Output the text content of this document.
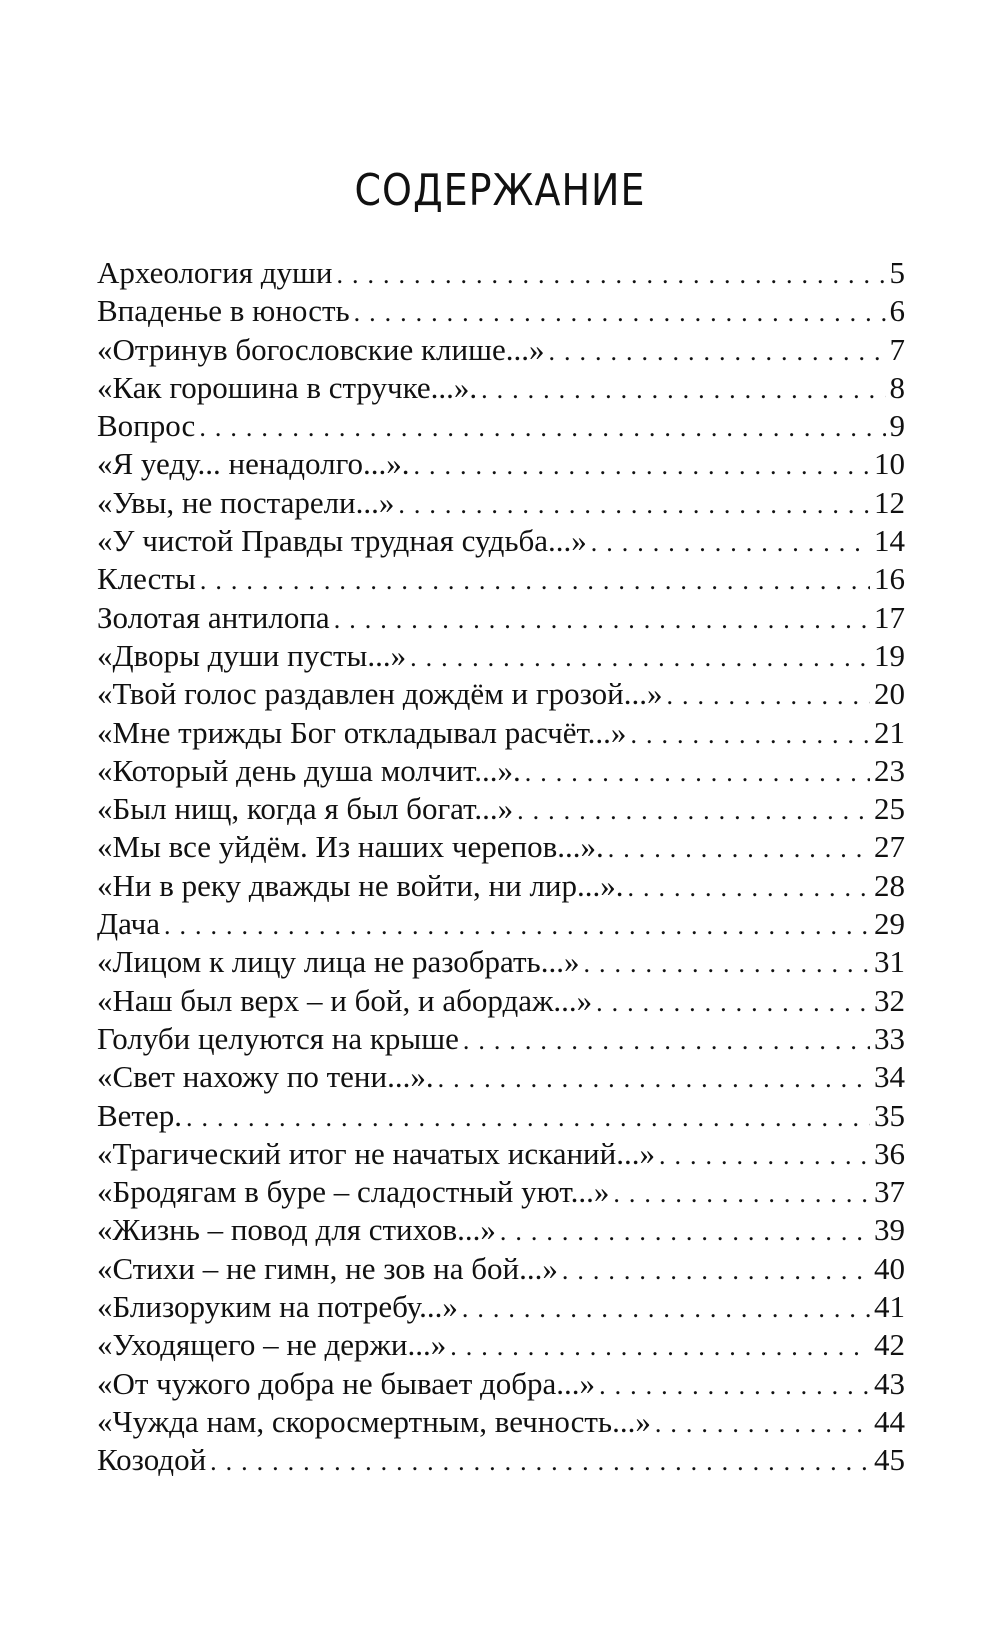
СОДЕРЖАНИЕ
Археология души .....	5
Впаденье в юность .....	6
«Отринув богословские клише...» .....	7
«Как горошина в стручке...». .....	8
Вопрос .....	9
«Я уеду... ненадолго...». .....	10
«Увы, не постарели...» .....	12
«У чистой Правды трудная судьба...» .....	14
Клесты .....	16
Золотая антилопа .....	17
«Дворы души пусты...» .....	19
«Твой голос раздавлен дождём и грозой...» .....	20
«Мне трижды Бог откладывал расчёт...» .....	21
«Который день душа молчит...». .....	23
«Был нищ, когда я был богат...» .....	25
«Мы все уйдём. Из наших черепов...». .....	27
«Ни в реку дважды не войти, ни лир...». .....	28
Дача .....	29
«Лицом к лицу лица не разобрать...» .....	31
«Наш был верх – и бой, и абордаж...» .....	32
Голуби целуются на крыше .....	33
«Свет нахожу по тени...». .....	34
Ветер. .....	35
«Трагический итог не начатых исканий...» .....	36
«Бродягам в буре – сладостный уют...» .....	37
«Жизнь – повод для стихов...» .....	39
«Стихи – не гимн, не зов на бой...» .....	40
«Близоруким на потребу...» .....	41
«Уходящего – не держи...» .....	42
«От чужого добра не бывает добра...» .....	43
«Чужда нам, скоросмертным, вечность...» .....	44
Козодой .....	45
